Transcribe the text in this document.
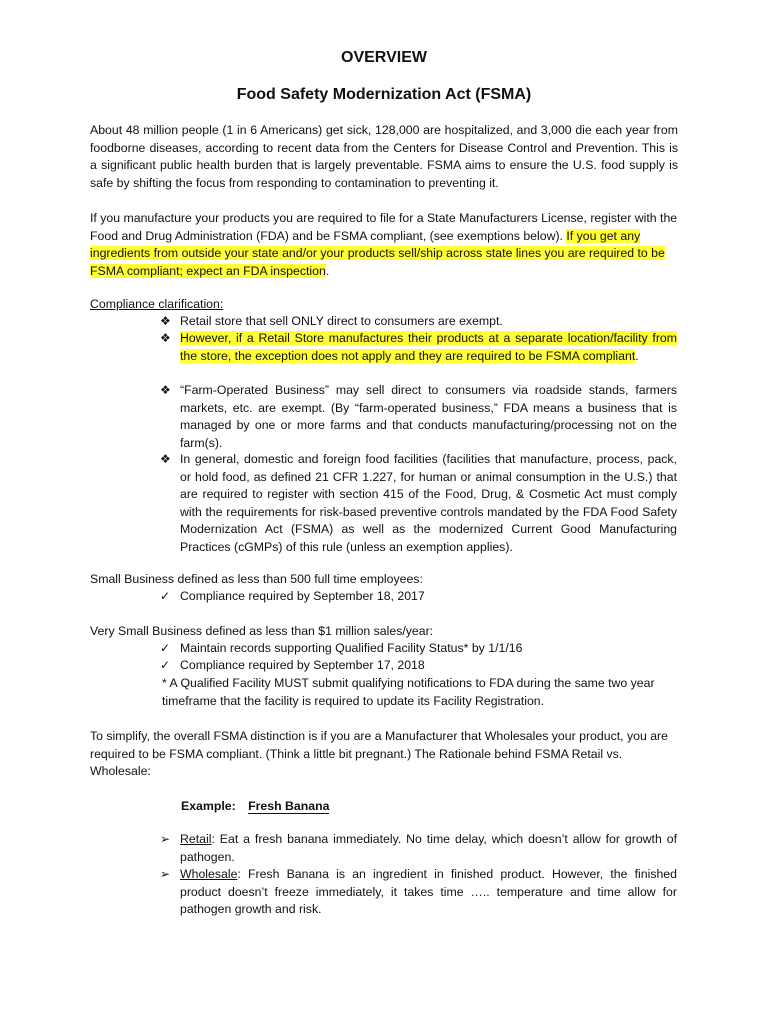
OVERVIEW
Food Safety Modernization Act (FSMA)

About 48 million people (1 in 6 Americans) get sick, 128,000 are hospitalized, and 3,000 die each year from foodborne diseases, according to recent data from the Centers for Disease Control and Prevention. This is a significant public health burden that is largely preventable. FSMA aims to ensure the U.S. food supply is safe by shifting the focus from responding to contamination to preventing it.

If you manufacture your products you are required to file for a State Manufacturers License, register with the Food and Drug Administration (FDA) and be FSMA compliant, (see exemptions below). If you get any ingredients from outside your state and/or your products sell/ship across state lines you are required to be FSMA compliant; expect an FDA inspection.

Compliance clarification:

❖ Retail store that sell ONLY direct to consumers are exempt.
❖ However, if a Retail Store manufactures their products at a separate location/facility from the store, the exception does not apply and they are required to be FSMA compliant.
❖ “Farm-Operated Business” may sell direct to consumers via roadside stands, farmers markets, etc. are exempt. (By “farm-operated business,” FDA means a business that is managed by one or more farms and that conducts manufacturing/processing not on the farm(s).
❖ In general, domestic and foreign food facilities (facilities that manufacture, process, pack, or hold food, as defined 21 CFR 1.227, for human or animal consumption in the U.S.) that are required to register with section 415 of the Food, Drug, & Cosmetic Act must comply with the requirements for risk-based preventive controls mandated by the FDA Food Safety Modernization Act (FSMA) as well as the modernized Current Good Manufacturing Practices (cGMPs) of this rule (unless an exemption applies).

Small Business defined as less than 500 full time employees:

✓ Compliance required by September 18, 2017

Very Small Business defined as less than $1 million sales/year:

✓ Maintain records supporting Qualified Facility Status* by 1/1/16
✓ Compliance required by September 17, 2018

* A Qualified Facility MUST submit qualifying notifications to FDA during the same two year timeframe that the facility is required to update its Facility Registration.

To simplify, the overall FSMA distinction is if you are a Manufacturer that Wholesales your product, you are required to be FSMA compliant. (Think a little bit pregnant.) The Rationale behind FSMA Retail vs. Wholesale:

Example: Fresh Banana
➢ Retail: Eat a fresh banana immediately. No time delay, which doesn’t allow for growth of pathogen.
➢ Wholesale: Fresh Banana is an ingredient in finished product. However, the finished product doesn’t freeze immediately, it takes time ….. temperature and time allow for pathogen growth and risk.
